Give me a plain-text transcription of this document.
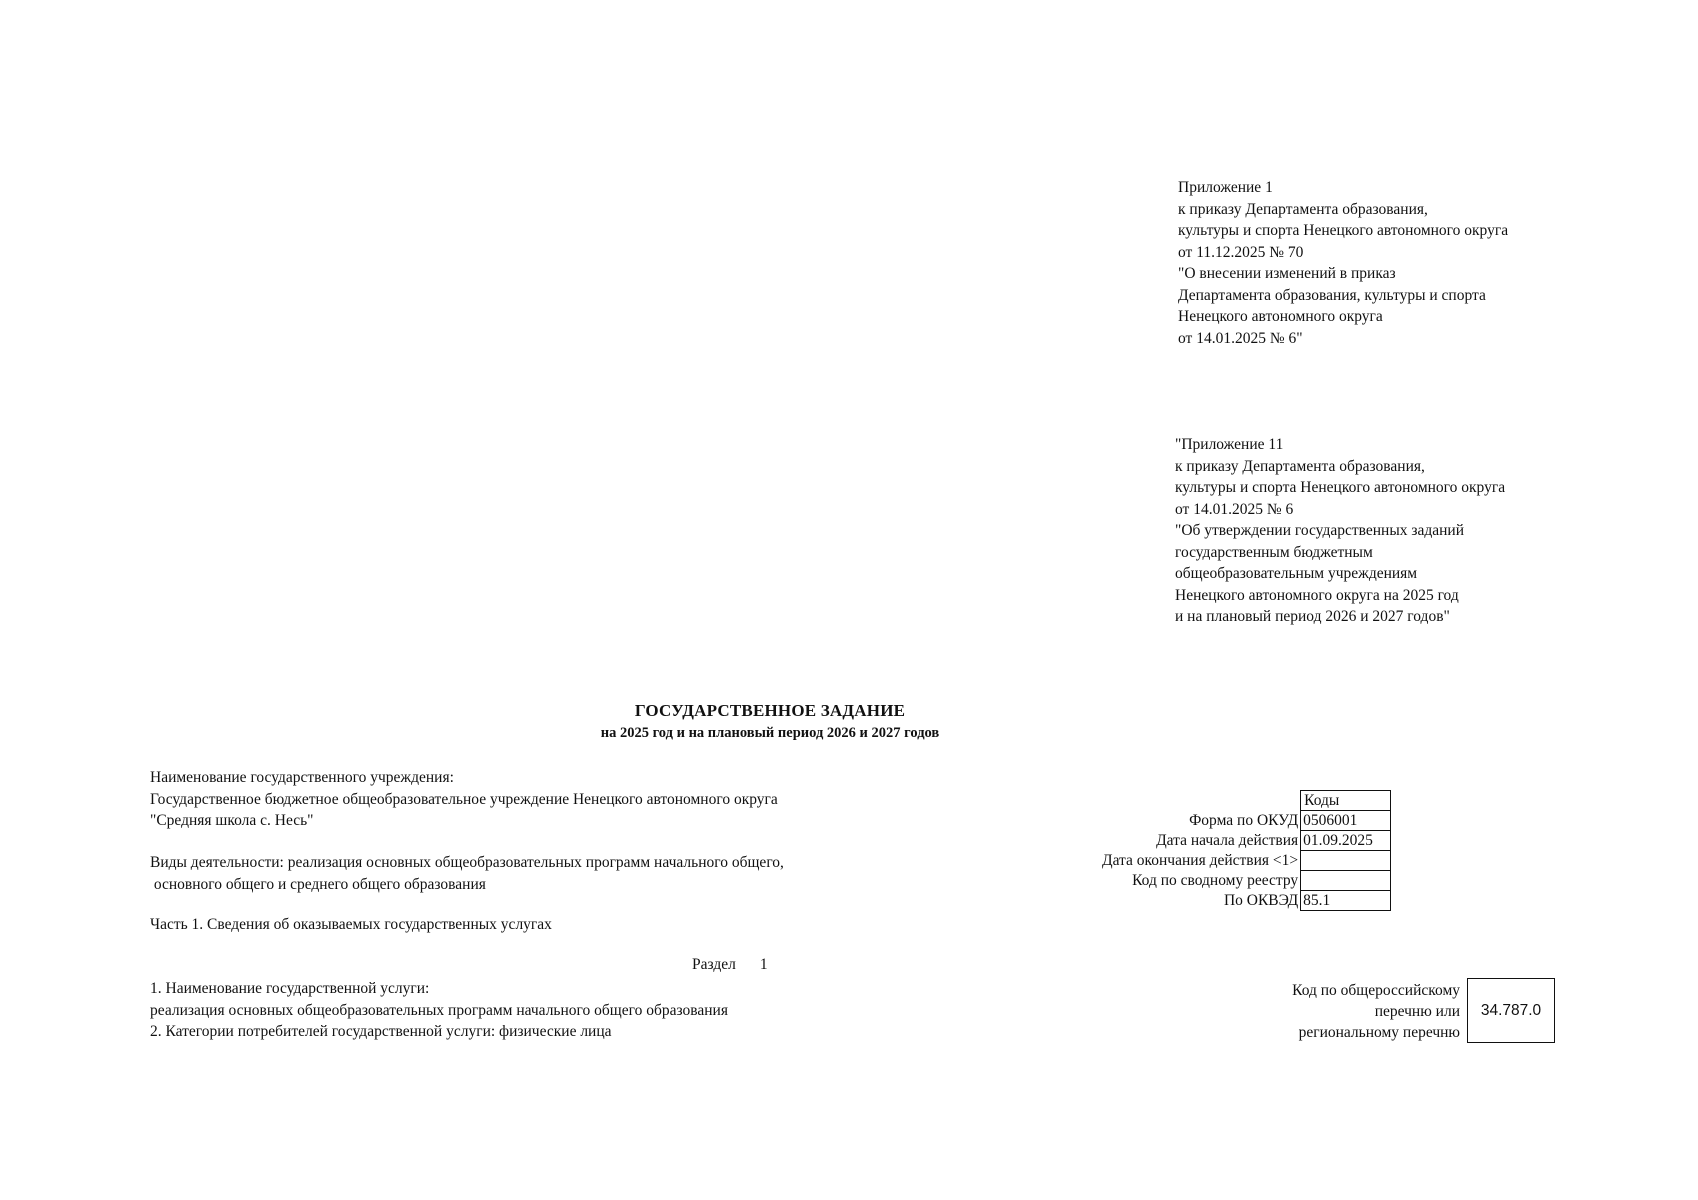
Приложение 1
к приказу Департамента образования,
культуры и спорта Ненецкого автономного округа
от 11.12.2025 № 70
"О внесении изменений в приказ
Департамента образования, культуры и спорта
Ненецкого автономного округа
от 14.01.2025 № 6"
"Приложение 11
к приказу Департамента образования,
культуры и спорта Ненецкого автономного округа
от 14.01.2025 № 6
"Об утверждении государственных заданий
государственным бюджетным
общеобразовательным учреждениям
Ненецкого автономного округа на 2025 год
и на плановый период 2026 и 2027 годов"
ГОСУДАРСТВЕННОЕ ЗАДАНИЕ
на 2025 год и на плановый период 2026 и 2027 годов
Наименование государственного учреждения:
Государственное бюджетное общеобразовательное учреждение Ненецкого автономного округа
"Средняя школа с. Несь"
Виды деятельности: реализация основных общеобразовательных программ начального общего,
основного общего и среднего общего образования
Часть 1. Сведения об оказываемых государственных услугах
Раздел 1
1. Наименование государственной услуги:
реализация основных общеобразовательных программ начального общего образования
2. Категории потребителей государственной услуги: физические лица
	Коды
Форма по ОКУД	0506001
Дата начала действия	01.09.2025
Дата окончания действия <1>	
Код по сводному реестру	
По ОКВЭД	85.1
Код по общероссийскому
перечню или
региональному перечню
34.787.0
